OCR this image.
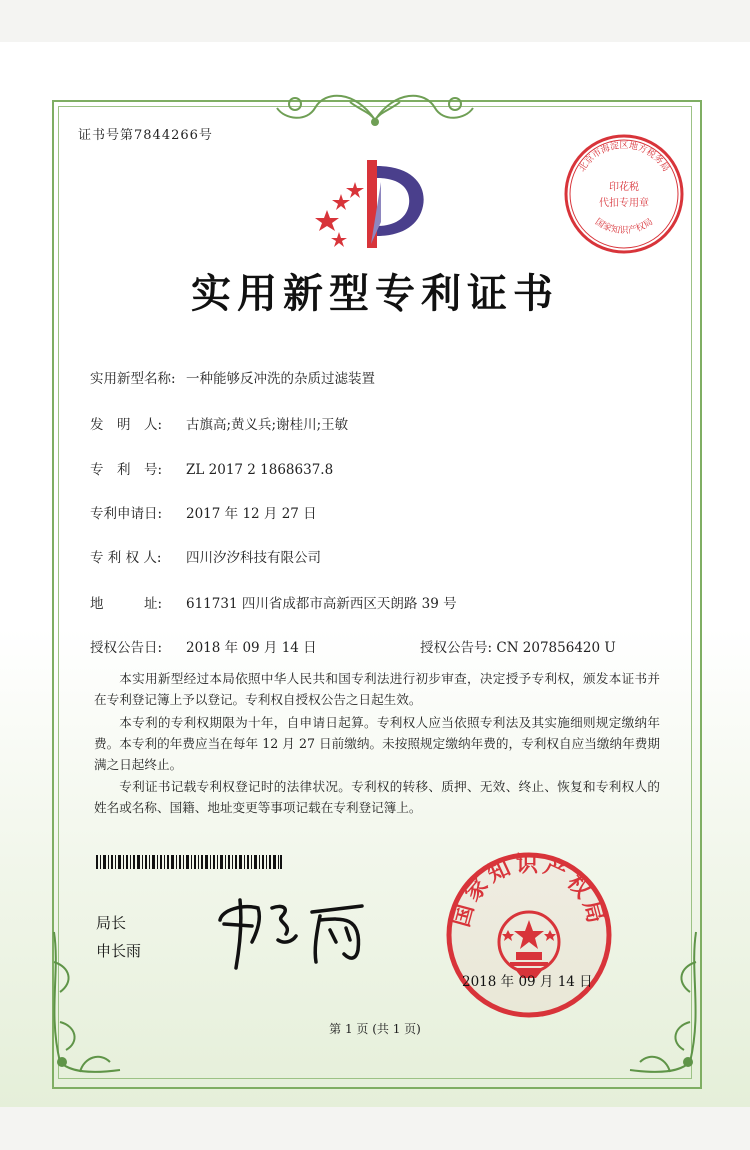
证书号第7844266号
实用新型专利证书
实用新型名称: 一种能够反冲洗的杂质过滤装置
发　明　人: 古旗高;黄义兵;谢桂川;王敏
专　利　号: ZL 2017 2 1868637.8
专利申请日: 2017 年 12 月 27 日
专 利 权 人: 四川汐汐科技有限公司
地　　　址: 611731 四川省成都市高新西区天朗路 39 号
授权公告日: 2018 年 09 月 14 日	授权公告号: CN 207856420 U
本实用新型经过本局依照中华人民共和国专利法进行初步审查，决定授予专利权，颁发本证书并在专利登记簿上予以登记。专利权自授权公告之日起生效。
本专利的专利权期限为十年，自申请日起算。专利权人应当依照专利法及其实施细则规定缴纳年费。本专利的年费应当在每年 12 月 27 日前缴纳。未按照规定缴纳年费的，专利权自应当缴纳年费期满之日起终止。
专利证书记载专利权登记时的法律状况。专利权的转移、质押、无效、终止、恢复和专利权人的姓名或名称、国籍、地址变更等事项记载在专利登记簿上。
局长
申长雨
北京市海淀区地方税务局
印花税
代扣专用章
国家知识产权局
国家知识产权局
2018 年 09 月 14 日
第 1 页 (共 1 页)
